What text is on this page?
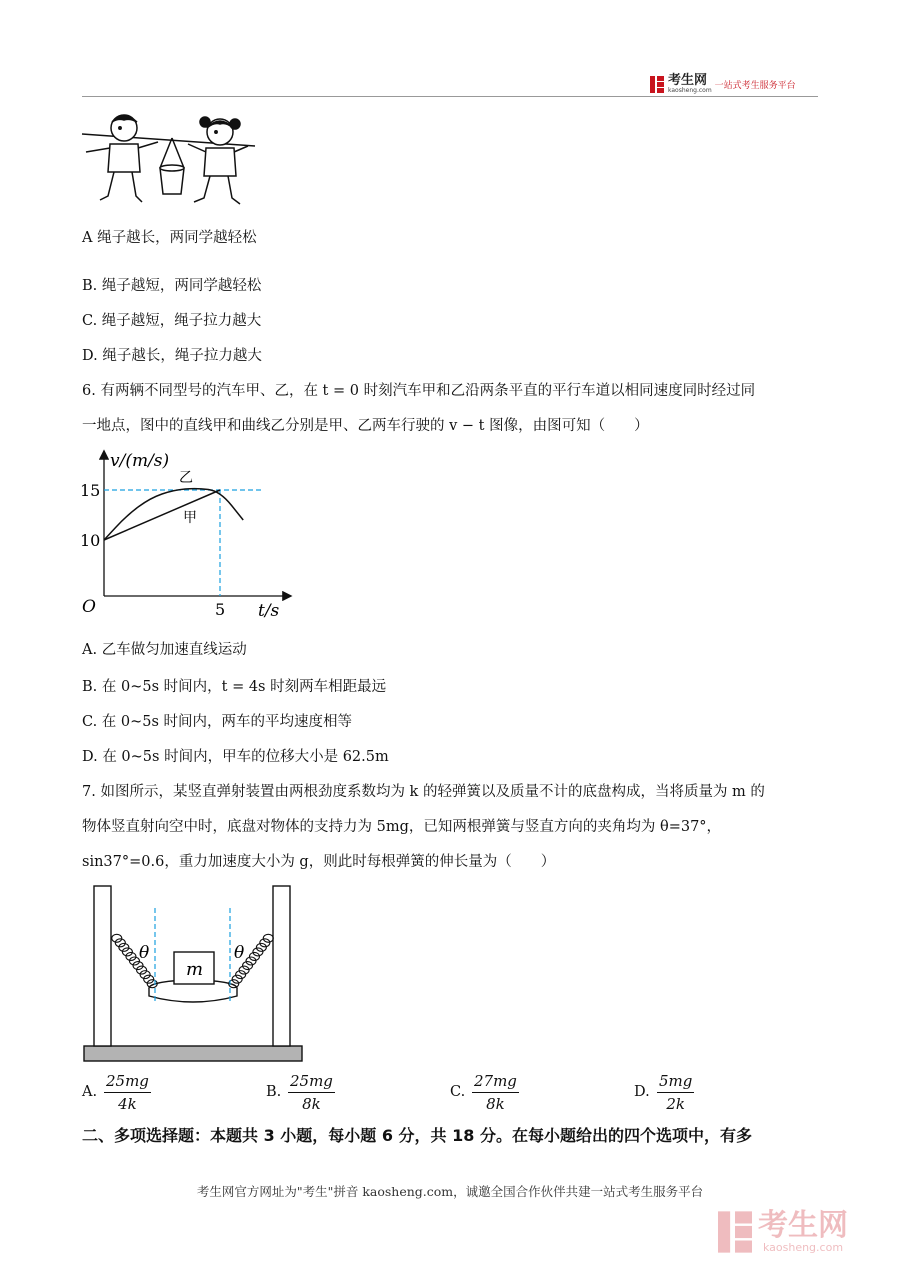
考生网
kaosheng.com 一站式考生服务平台
A 绳子越长，两同学越轻松
B. 绳子越短，两同学越轻松
C. 绳子越短，绳子拉力越大
D. 绳子越长，绳子拉力越大
6. 有两辆不同型号的汽车甲、乙，在 t = 0 时刻汽车甲和乙沿两条平直的平行车道以相同速度同时经过同
一地点，图中的直线甲和曲线乙分别是甲、乙两车行驶的 v − t 图像，由图可知（　　）
v/(m/s)
t/s
O
10
15
5
乙
甲
A. 乙车做匀加速直线运动
B. 在 0~5s 时间内，t = 4s 时刻两车相距最远
C. 在 0~5s 时间内，两车的平均速度相等
D. 在 0~5s 时间内，甲车的位移大小是 62.5m
7. 如图所示，某竖直弹射装置由两根劲度系数均为 k 的轻弹簧以及质量不计的底盘构成，当将质量为 m 的
物体竖直射向空中时，底盘对物体的支持力为 5mg，已知两根弹簧与竖直方向的夹角均为 θ=37°，
sin37°=0.6，重力加速度大小为 g，则此时每根弹簧的伸长量为（　　）
m
θ	θ
A. $\frac{25mg}{4k}$	B. $\frac{25mg}{8k}$	C. $\frac{27mg}{8k}$	D. $\frac{5mg}{2k}$
二、多项选择题：本题共 3 小题，每小题 6 分，共 18 分。在每小题给出的四个选项中，有多
考生网官方网址为"考生"拼音 kaosheng.com，诚邀全国合作伙伴共建一站式考生服务平台
考生网
kaosheng.com
